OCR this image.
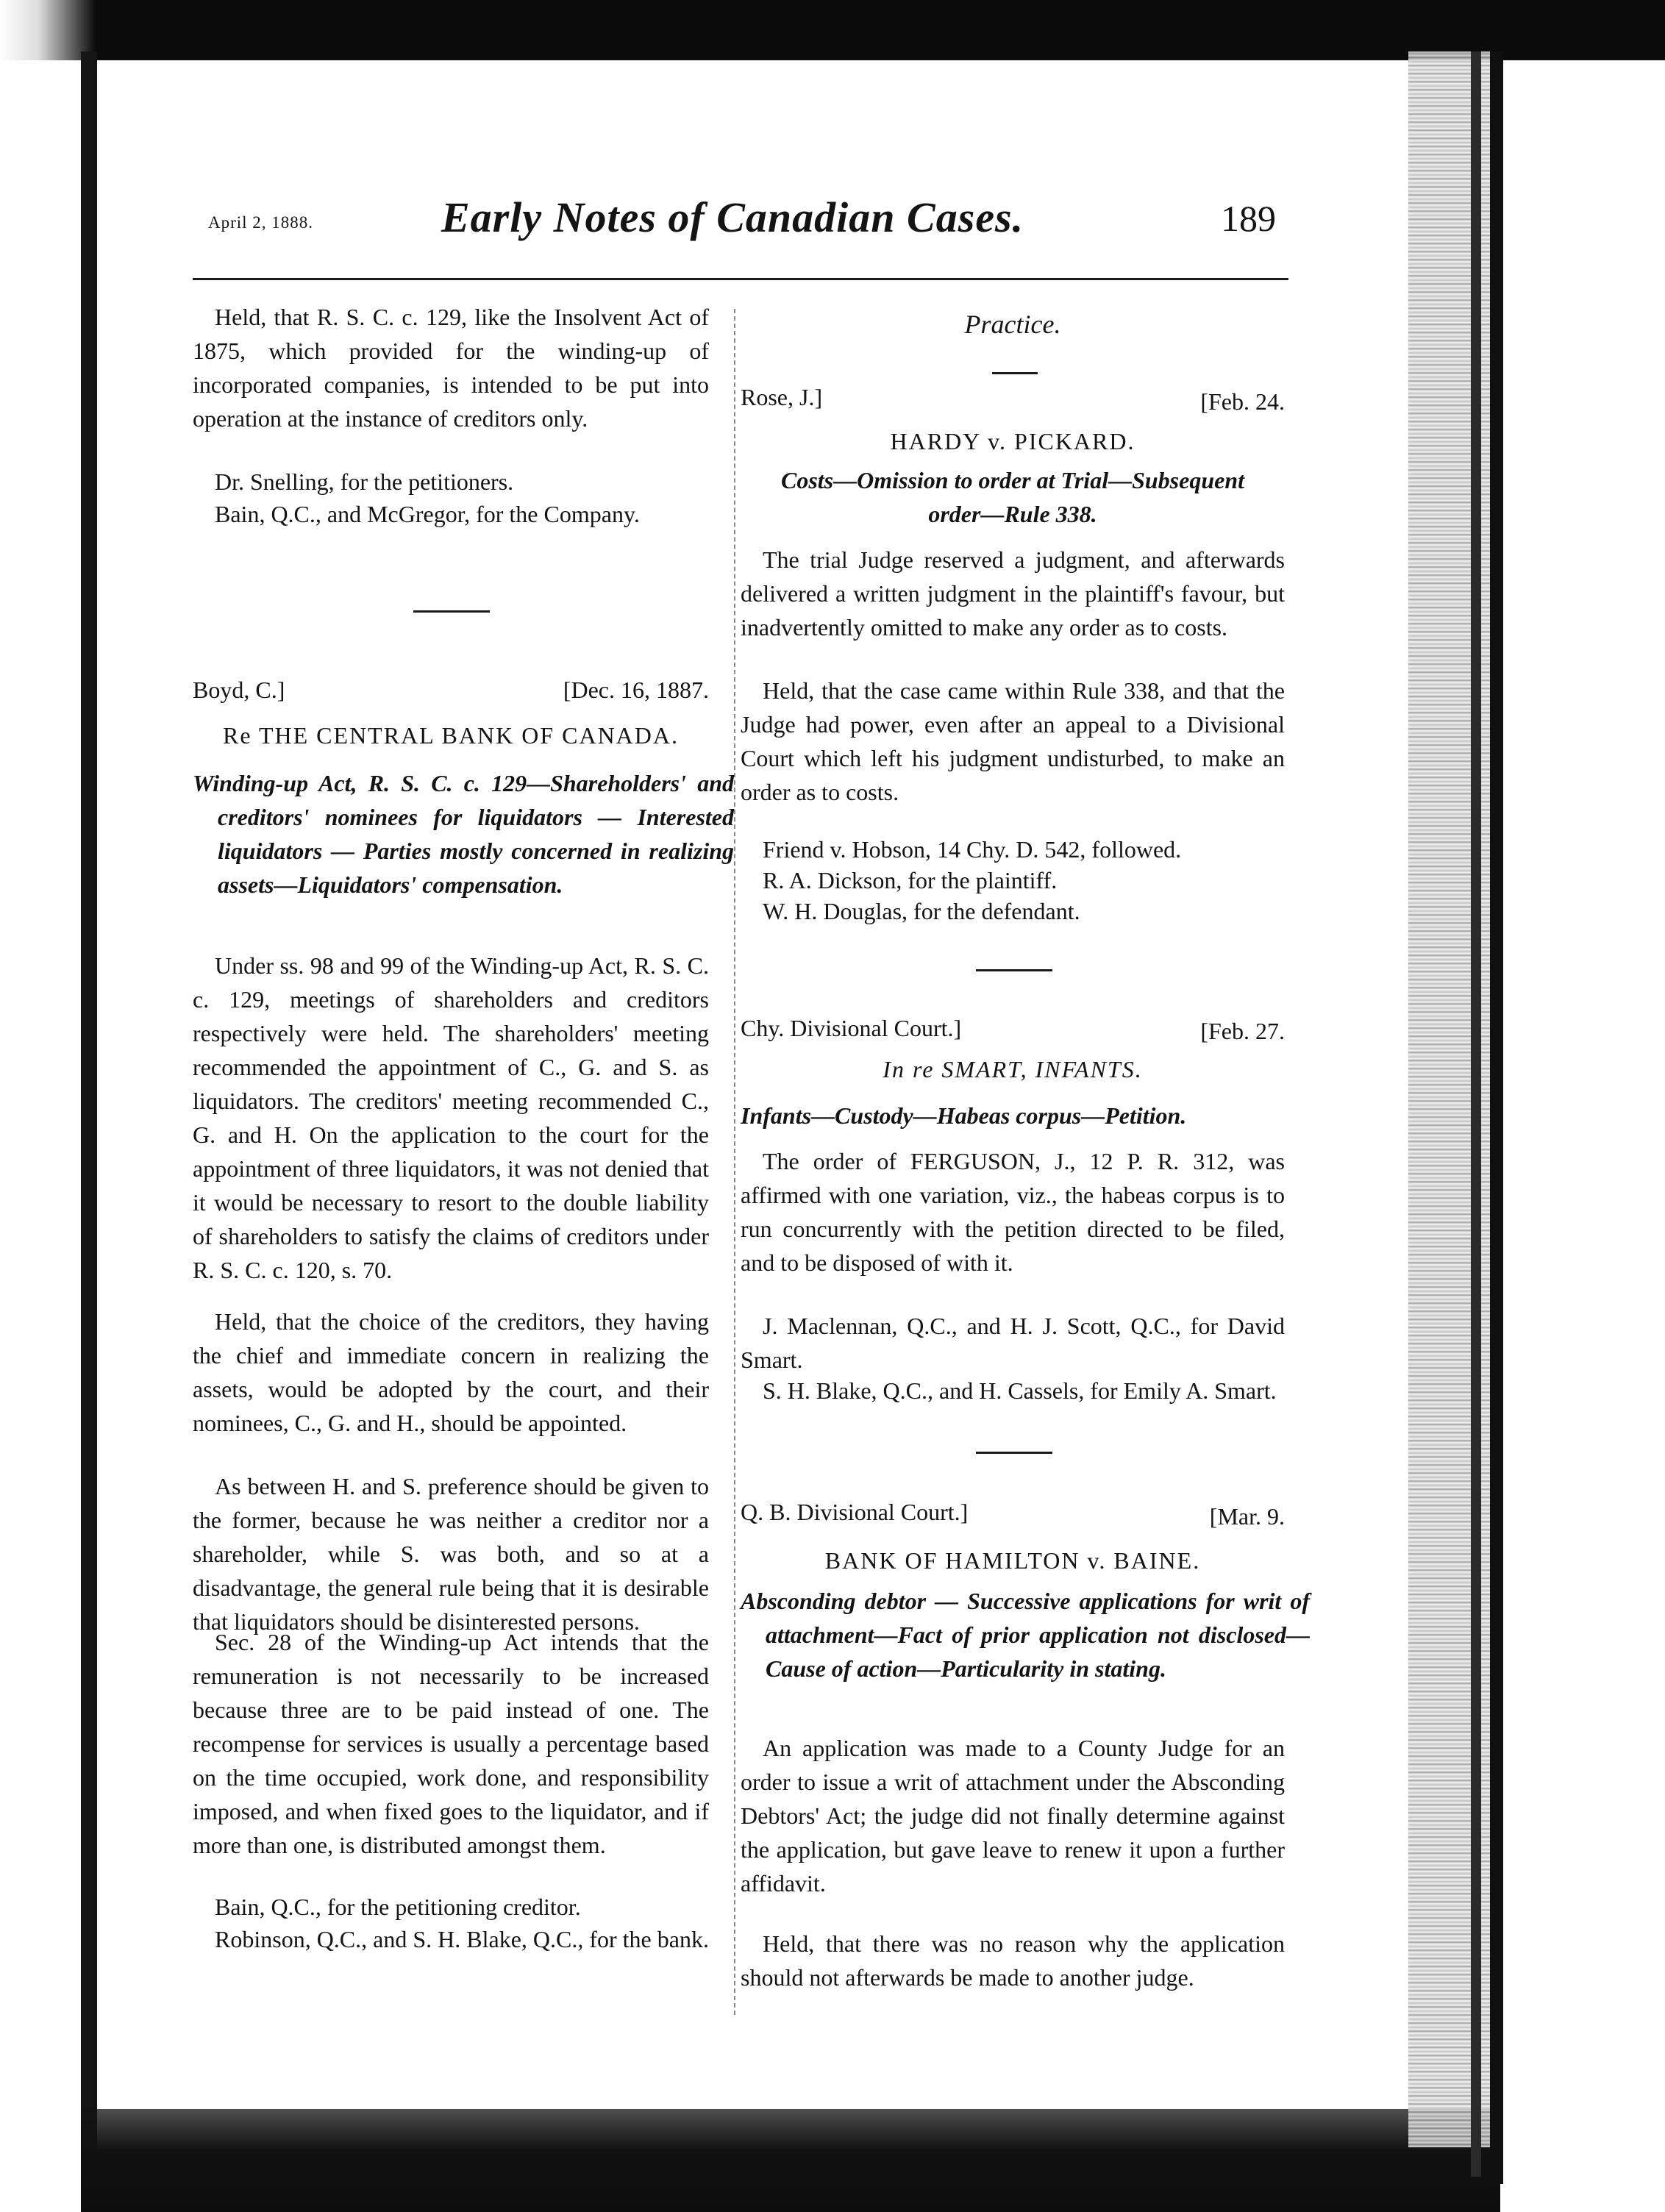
April 2, 1888.	Early Notes of Canadian Cases.	189

Held, that R. S. C. c. 129, like the Insolvent Act of 1875, which provided for the winding-up of incorporated companies, is intended to be put into operation at the instance of creditors only.

Dr. Snelling, for the petitioners.

Bain, Q.C., and McGregor, for the Company.

Boyd, C.]	[Dec. 16, 1887.
Re THE CENTRAL BANK OF CANADA.

Winding-up Act, R. S. C. c. 129—Shareholders' and creditors' nominees for liquidators — Interested liquidators — Parties mostly concerned in realizing assets—Liquidators' compensation.

Under ss. 98 and 99 of the Winding-up Act, R. S. C. c. 129, meetings of shareholders and creditors respectively were held. The shareholders' meeting recommended the appointment of C., G. and S. as liquidators. The creditors' meeting recommended C., G. and H. On the application to the court for the appointment of three liquidators, it was not denied that it would be necessary to resort to the double liability of shareholders to satisfy the claims of creditors under R. S. C. c. 120, s. 70.

Held, that the choice of the creditors, they having the chief and immediate concern in realizing the assets, would be adopted by the court, and their nominees, C., G. and H., should be appointed.

As between H. and S. preference should be given to the former, because he was neither a creditor nor a shareholder, while S. was both, and so at a disadvantage, the general rule being that it is desirable that liquidators should be disinterested persons.

Sec. 28 of the Winding-up Act intends that the remuneration is not necessarily to be increased because three are to be paid instead of one. The recompense for services is usually a percentage based on the time occupied, work done, and responsibility imposed, and when fixed goes to the liquidator, and if more than one, is distributed amongst them.

Bain, Q.C., for the petitioning creditor.

Robinson, Q.C., and S. H. Blake, Q.C., for the bank.

Practice.
Rose, J.]	[Feb. 24.
HARDY v. PICKARD.

Costs—Omission to order at Trial—Subsequent order—Rule 338.

The trial Judge reserved a judgment, and afterwards delivered a written judgment in the plaintiff's favour, but inadvertently omitted to make any order as to costs.

Held, that the case came within Rule 338, and that the Judge had power, even after an appeal to a Divisional Court which left his judgment undisturbed, to make an order as to costs.

Friend v. Hobson, 14 Chy. D. 542, followed.

R. A. Dickson, for the plaintiff.

W. H. Douglas, for the defendant.

Chy. Divisional Court.]	[Feb. 27.
In re SMART, INFANTS.

Infants—Custody—Habeas corpus—Petition.

The order of FERGUSON, J., 12 P. R. 312, was affirmed with one variation, viz., the habeas corpus is to run concurrently with the petition directed to be filed, and to be disposed of with it.

J. Maclennan, Q.C., and H. J. Scott, Q.C., for David Smart.

S. H. Blake, Q.C., and H. Cassels, for Emily A. Smart.

Q. B. Divisional Court.]	[Mar. 9.
BANK OF HAMILTON v. BAINE.

Absconding debtor — Successive applications for writ of attachment—Fact of prior application not disclosed—Cause of action—Particularity in stating.

An application was made to a County Judge for an order to issue a writ of attachment under the Absconding Debtors' Act; the judge did not finally determine against the application, but gave leave to renew it upon a further affidavit.

Held, that there was no reason why the application should not afterwards be made to another judge.
